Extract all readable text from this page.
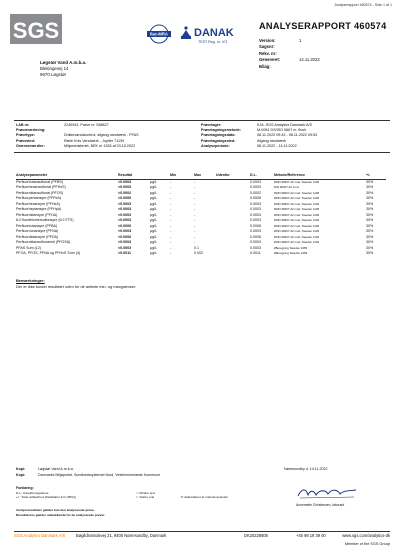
Analyserapport 460574 - Side 1 af 1
SGS	ilac-MRA DANAK
TEST Reg. nr. 471
ANALYSERAPPORT 460574
Version:	1
Sagsnr:
Rekv. nr:
Genereret:	14.11.2022
Bilag:
Løgstør Vand A.m.b.a.
Blekingevej 14
9670 Løgstør
LAB nr:	2240943, Prøve nr. 558827
Prøvemærkning:
Prøvetype:	Drikkevandskontrol, afgang vandværk - PFAS
Prøvested:	Ræte Kols Vandværk - Jupiter 71139
Grænseværdier:	Miljøministeriet, BEK nr 1383 af 03.10.2022
Prøvetager:	KJA, SGS Analytics Danmark A/S
Prøvetagningsmetode:	M-0061 DS/ISO 5667 m. flush
Prøvetagningsdato:	08.11.2022 09:43 - 08.11.2022 09:53
Prøvetagningssted:	Afgang vandværk
Analyseperiode:	08.11.2022 - 14.11.2022
Analyseparameter	Resultat		Min	Max	Udenfor	D.L.	Metode/Reference	+/-
Perfluorbutansulfonat (PFBS)	<0.0003	µg/L	-	-		0.0003	#DIN 38407-42 mod. Sweden 1136	30%
Perfluorhexansulfonat (PFHxS)	<0.0003	µg/L	-	-		0.0003	DIN 38407-42 mod.	30%
Perfluoroktansulfonat (PFOS)	<0.0002	µg/L	-	-		0.0002	#DIN 38407-42 mod. Sweden 1136	30%
Perfluorpentansyre (PFPeA)	<0.0006	µg/L	-	-		0.0006	#DIN 38407-42 mod. Sweden 1136	30%
Perfluorhexansyre (PFHxA)	<0.0003	µg/L	-	-		0.0003	#DIN 38407-42 mod. Sweden 1136	30%
Perfluorheptansyre (PFHpA)	<0.0003	µg/L	-	-		0.0003	#DIN 38407-42 mod. Sweden 1136	30%
Perfluoroktansyre (PFOA)	<0.0003	µg/L	-	-		0.0003	#DIN 38407-42 mod. Sweden 1136	30%
6:2 fluortelomersulfonsyre (6:2 FTS)	<0.0003	µg/L	-	-		0.0003	#DIN 38407-42 mod. Sweden 1136	30%
Perfluorbutansyre (PFBA)	<0.0006	µg/L	-	-		0.0006	#DIN 38407-42 mod. Sweden 1136	30%
Perfluornonansyre (PFNA)	<0.0003	µg/L	-	-		0.0003	#DIN 38407-42 mod. Sweden 1136	30%
Perfluordekansyre (PFDA)	<0.0006	µg/L	-	-		0.0006	#DIN 38407-42 mod. Sweden 1136	30%
Perfluoroktansulfonamid (PFOSA)	<0.0003	µg/L	-	-		0.0003	#DIN 38407-42 mod. Sweden 1136	30%
PFAS Sum (12)	<0.0003	µg/L	-	0.1		0.0003	#Beregning Sweden 1056	30%
PFOA, PFOS, PFNA og PFHxS Sum (4)	<0.0011	µg/L	-	0.002		0.0011	#Beregning Sweden 1056	30%
Bemærkninger:
Der er ikke fundet resultater uden for de anførte min- og maxgrænser.
Kopi:	Løgstør Vand A.m.b.a.
Kopi:	Danmarks Miljøportal, Sundhedssystemet Nord, Vesthimmerlands Kommune
Nørresundby d. 14.11.2022
Annemette Christensen, laborant
Forklaring:
D.L.: Detektionsgrænse	<: Mindre end
+/-: Total usikkerhed (Dækfaktor k=2 (95%))	>: Større end	#: Akkrediteret af underleverandør
Analyseresultater gælder kun den analyserede prøve.
Resultaterne gælder udelukkende for de analyserede prøver.
SGS Analytics Danmark A/S	Bøgildsmindevej 21, 9400 Nørresundby, Danmark	DK20228806	+45 98 19 39 00	www.sgs.com/analytics-dk
Member of the SGS Group
